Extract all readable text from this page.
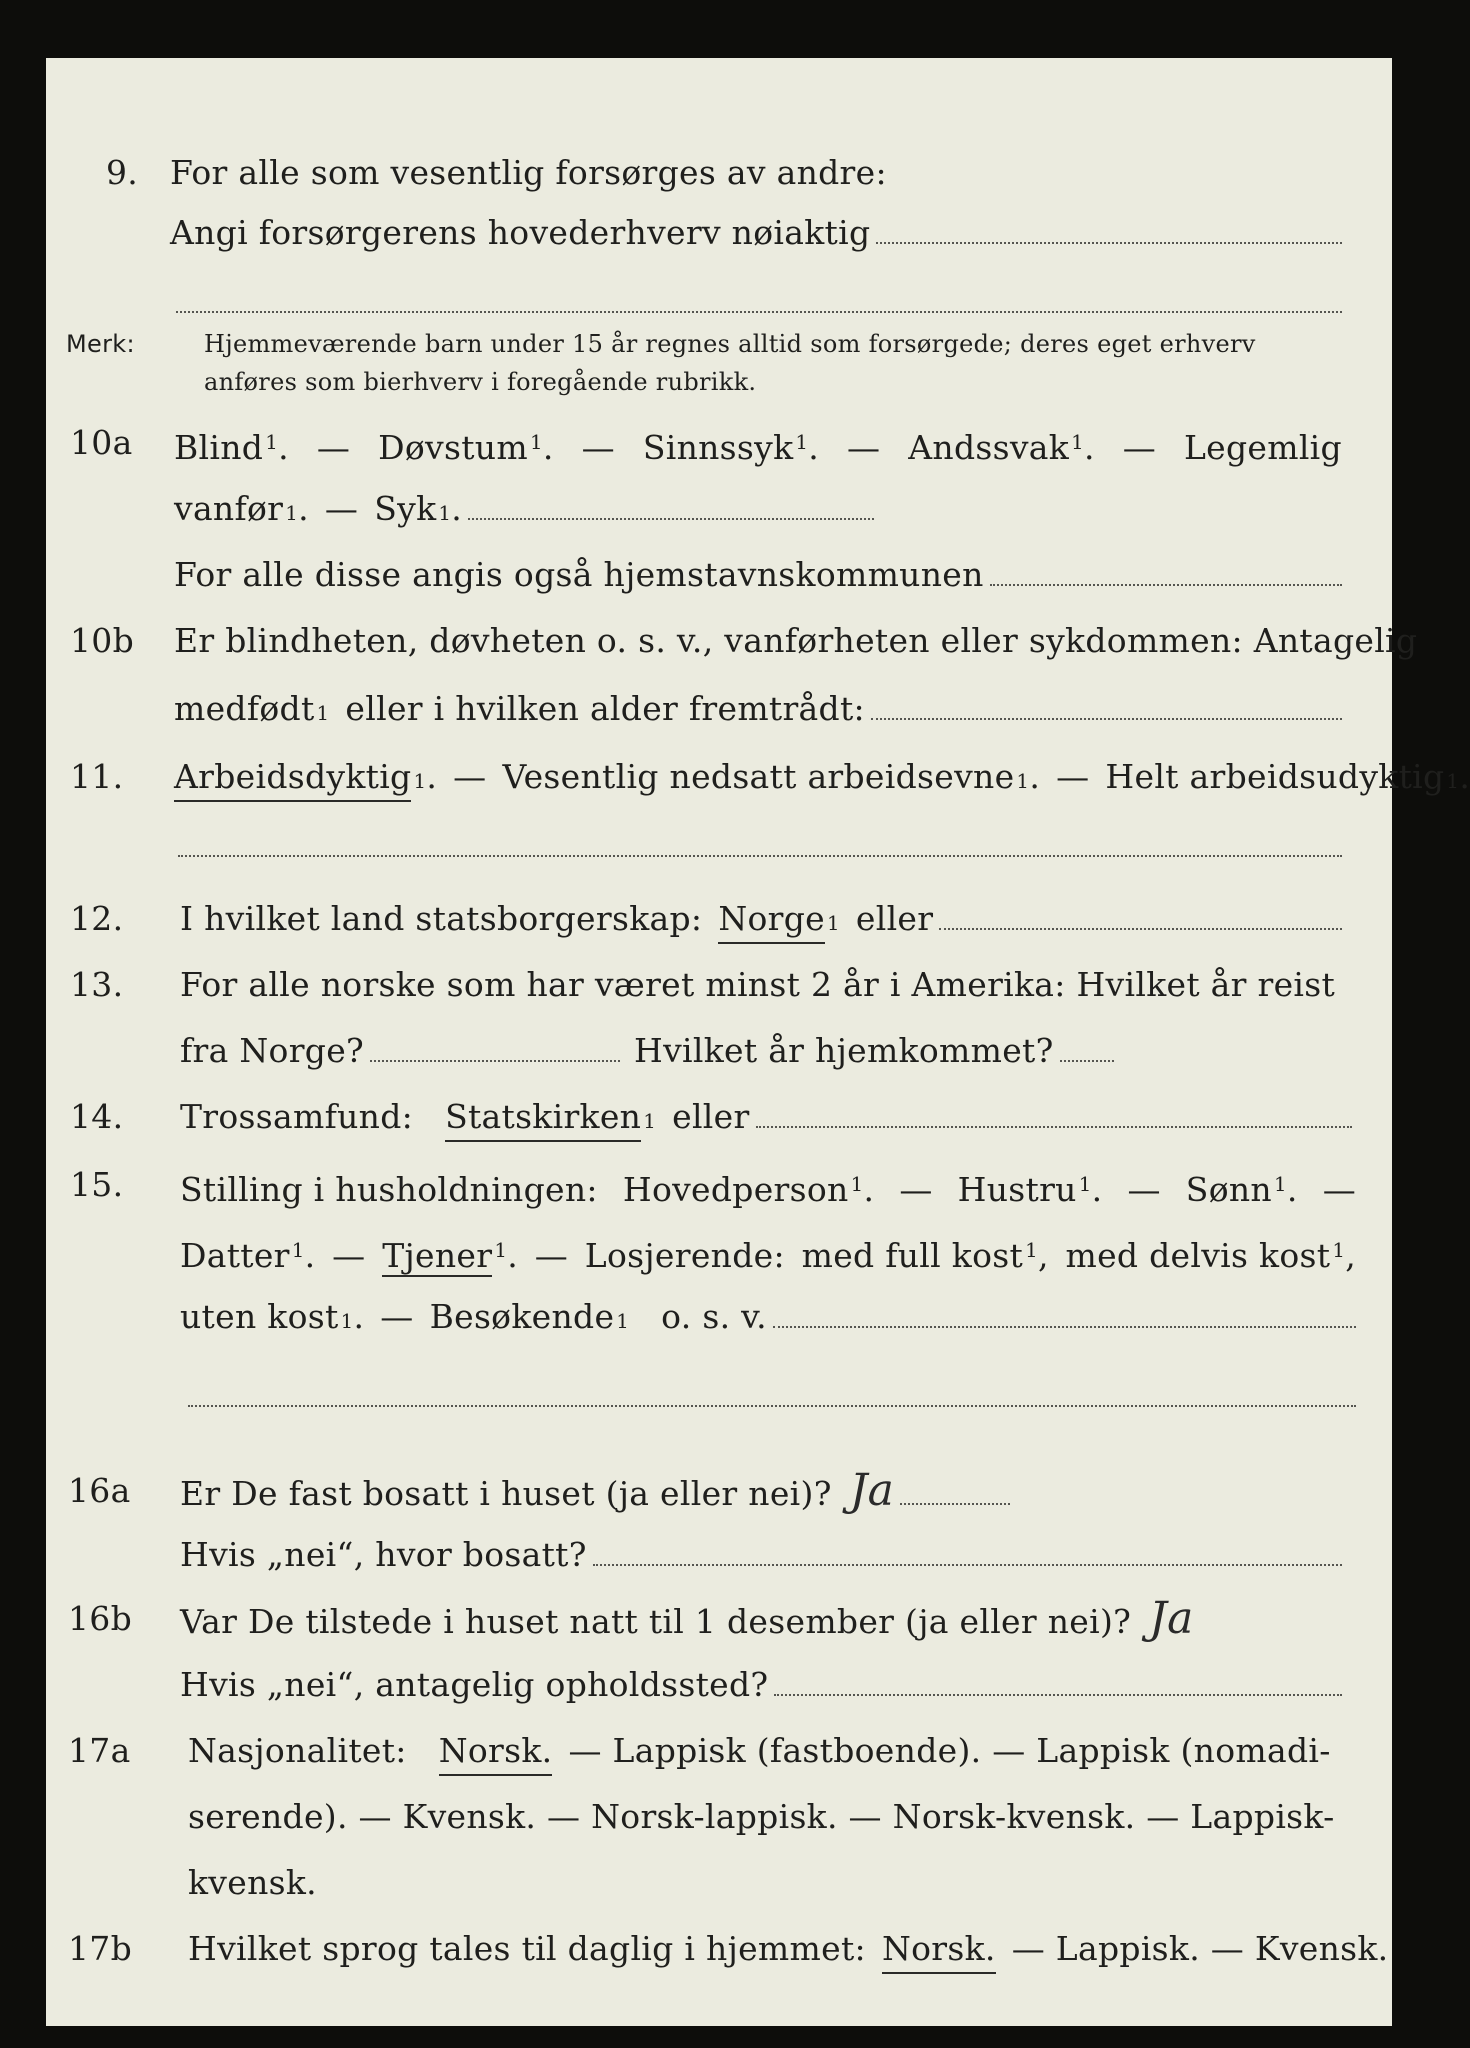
9. For alle som vesentlig forsørges av andre:
Angi forsørgerens hovederhverv nøiaktig
Merk:	Hjemmeværende barn under 15 år regnes alltid som forsørgede; deres eget erhverv
anføres som bierhverv i foregående rubrikk.
10a	Blind $^1$. — Døvstum $^1$. — Sinnssyk $^1$. — Andssvak $^1$. — Legemlig
vanfør 1 . — Syk 1 .
For alle disse angis også hjemstavnskommunen
10b	Er blindheten, døvheten o. s. v., vanførheten eller sykdommen: Antagelig
medfødt 1 eller i hvilken alder fremtrådt:
11.	Arbeidsdyktig 1 . — Vesentlig nedsatt arbeidsevne 1 . — Helt arbeidsudyktig 1 .
12.	I hvilket land statsborgerskap: Norge 1 eller
13.	For alle norske som har været minst 2 år i Amerika: Hvilket år reist
fra Norge?	Hvilket år hjemkommet?
14.	Trossamfund: Statskirken 1 eller
15.	Stilling i husholdningen: Hovedperson $^1$. — Hustru $^1$. — Sønn $^1$. —
Datter $^1$. — Tjener $^1$. — Losjerende: med full kost $^1$, med delvis kost $^1$,
uten kost 1 . — Besøkende 1 o. s. v.
16a	Er De fast bosatt i huset (ja eller nei)? Ja
Hvis „nei“, hvor bosatt?
16b	Var De tilstede i huset natt til 1 desember (ja eller nei)? Ja
Hvis „nei“, antagelig opholdssted?
17a	Nasjonalitet: Norsk. — Lappisk (fastboende). — Lappisk (nomadi-
serende). — Kvensk. — Norsk-lappisk. — Norsk-kvensk. — Lappisk-
kvensk.
17b	Hvilket sprog tales til daglig i hjemmet: Norsk. — Lappisk. — Kvensk.
